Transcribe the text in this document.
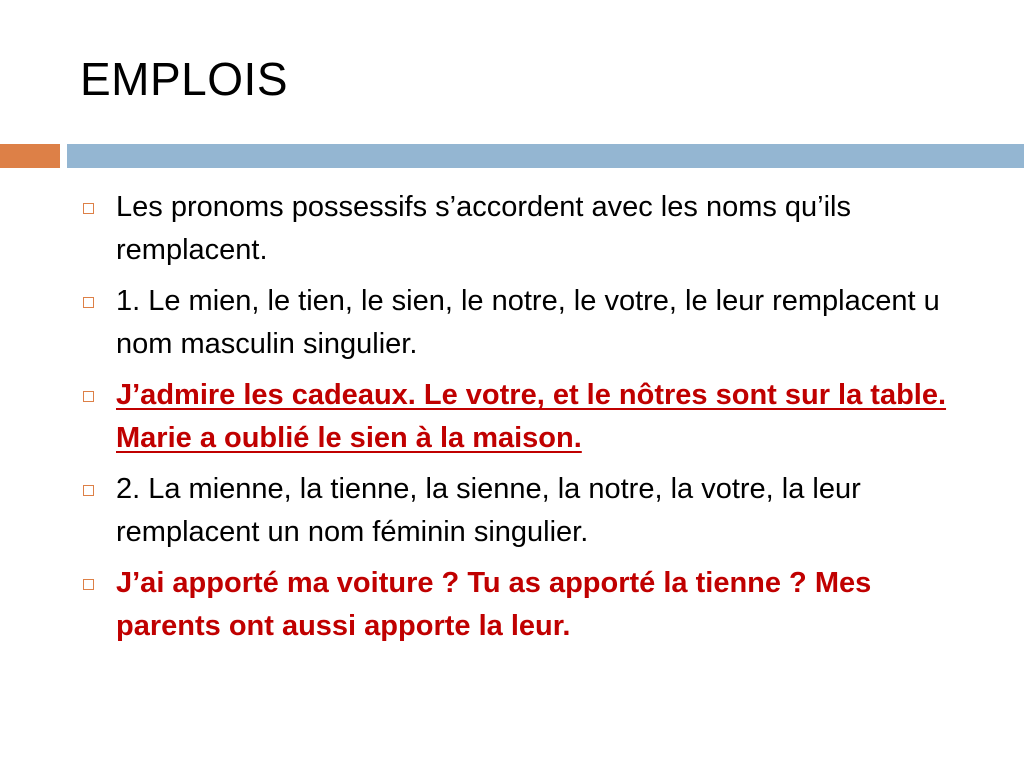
EMPLOIS
Les pronoms possessifs s’accordent avec les noms qu’ils remplacent.
1. Le mien, le tien, le sien, le notre, le votre, le leur remplacent u nom masculin singulier.
J’admire les cadeaux. Le votre, et le nôtres sont sur la table. Marie a oublié le sien à la maison.
2. La mienne, la tienne, la sienne, la notre, la votre, la leur remplacent un nom féminin singulier.
J’ai apporté ma voiture ? Tu as apporté la tienne ? Mes parents ont aussi apporte la leur.
